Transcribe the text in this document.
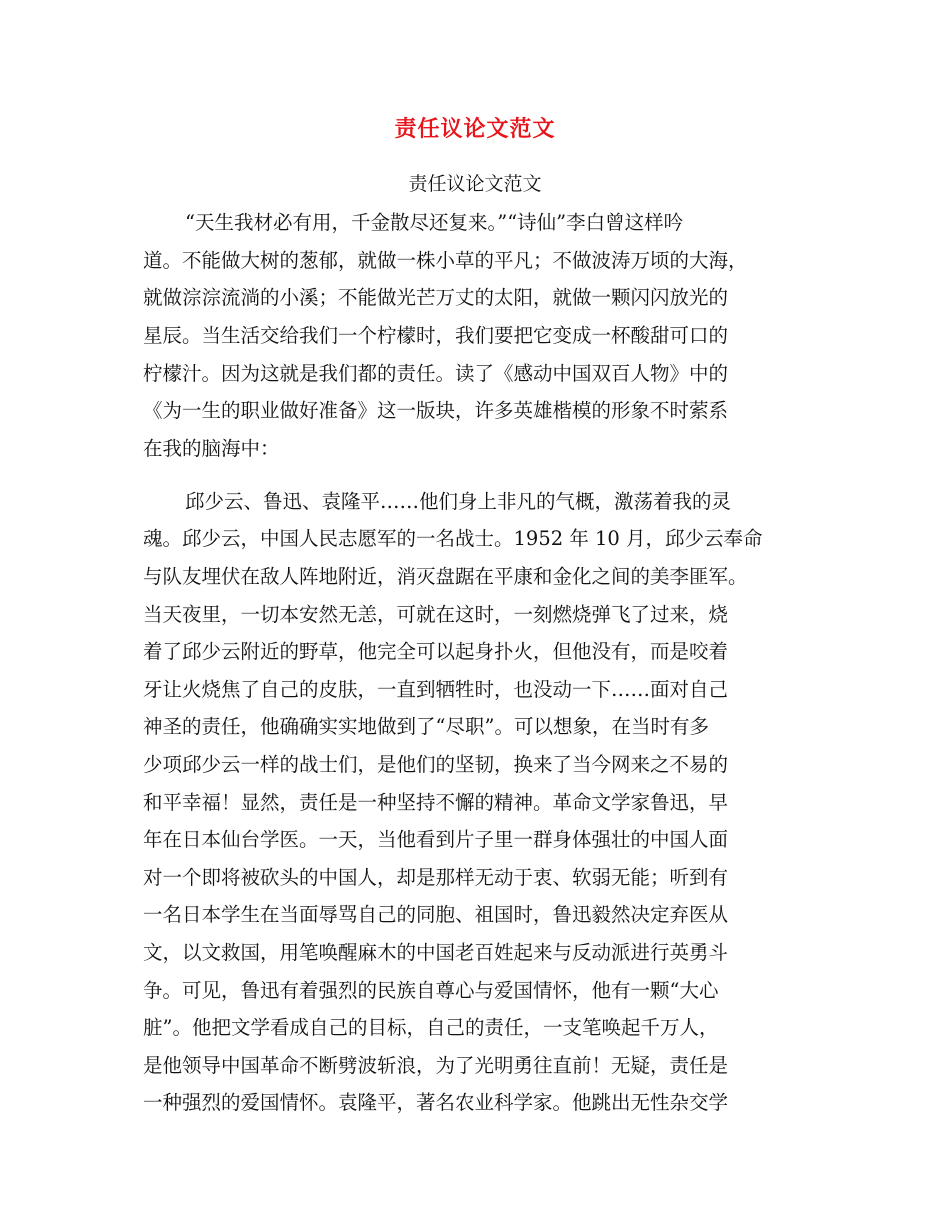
责任议论文范文
责任议论文范文
“天生我材必有用，千金散尽还复来。”“诗仙”李白曾这样吟
道。不能做大树的葱郁，就做一株小草的平凡；不做波涛万顷的大海，
就做淙淙流淌的小溪；不能做光芒万丈的太阳，就做一颗闪闪放光的
星辰。当生活交给我们一个柠檬时，我们要把它变成一杯酸甜可口的
柠檬汁。因为这就是我们都的责任。读了《感动中国双百人物》中的
《为一生的职业做好准备》这一版块，许多英雄楷模的形象不时萦系
在我的脑海中：
邱少云、鲁迅、袁隆平……他们身上非凡的气概，激荡着我的灵
魂。邱少云，中国人民志愿军的一名战士。1952 年 10 月，邱少云奉命
与队友埋伏在敌人阵地附近，消灭盘踞在平康和金化之间的美李匪军。
当天夜里，一切本安然无恙，可就在这时，一刻燃烧弹飞了过来，烧
着了邱少云附近的野草，他完全可以起身扑火，但他没有，而是咬着
牙让火烧焦了自己的皮肤，一直到牺牲时，也没动一下……面对自己
神圣的责任，他确确实实地做到了“尽职”。可以想象，在当时有多
少项邱少云一样的战士们，是他们的坚韧，换来了当今网来之不易的
和平幸福！显然，责任是一种坚持不懈的精神。革命文学家鲁迅，早
年在日本仙台学医。一天，当他看到片子里一群身体强壮的中国人面
对一个即将被砍头的中国人，却是那样无动于衷、软弱无能；听到有
一名日本学生在当面辱骂自己的同胞、祖国时，鲁迅毅然决定弃医从
文，以文救国，用笔唤醒麻木的中国老百姓起来与反动派进行英勇斗
争。可见，鲁迅有着强烈的民族自尊心与爱国情怀，他有一颗“大心
脏”。他把文学看成自己的目标，自己的责任，一支笔唤起千万人，
是他领导中国革命不断劈波斩浪，为了光明勇往直前！无疑，责任是
一种强烈的爱国情怀。袁隆平，著名农业科学家。他跳出无性杂交学
